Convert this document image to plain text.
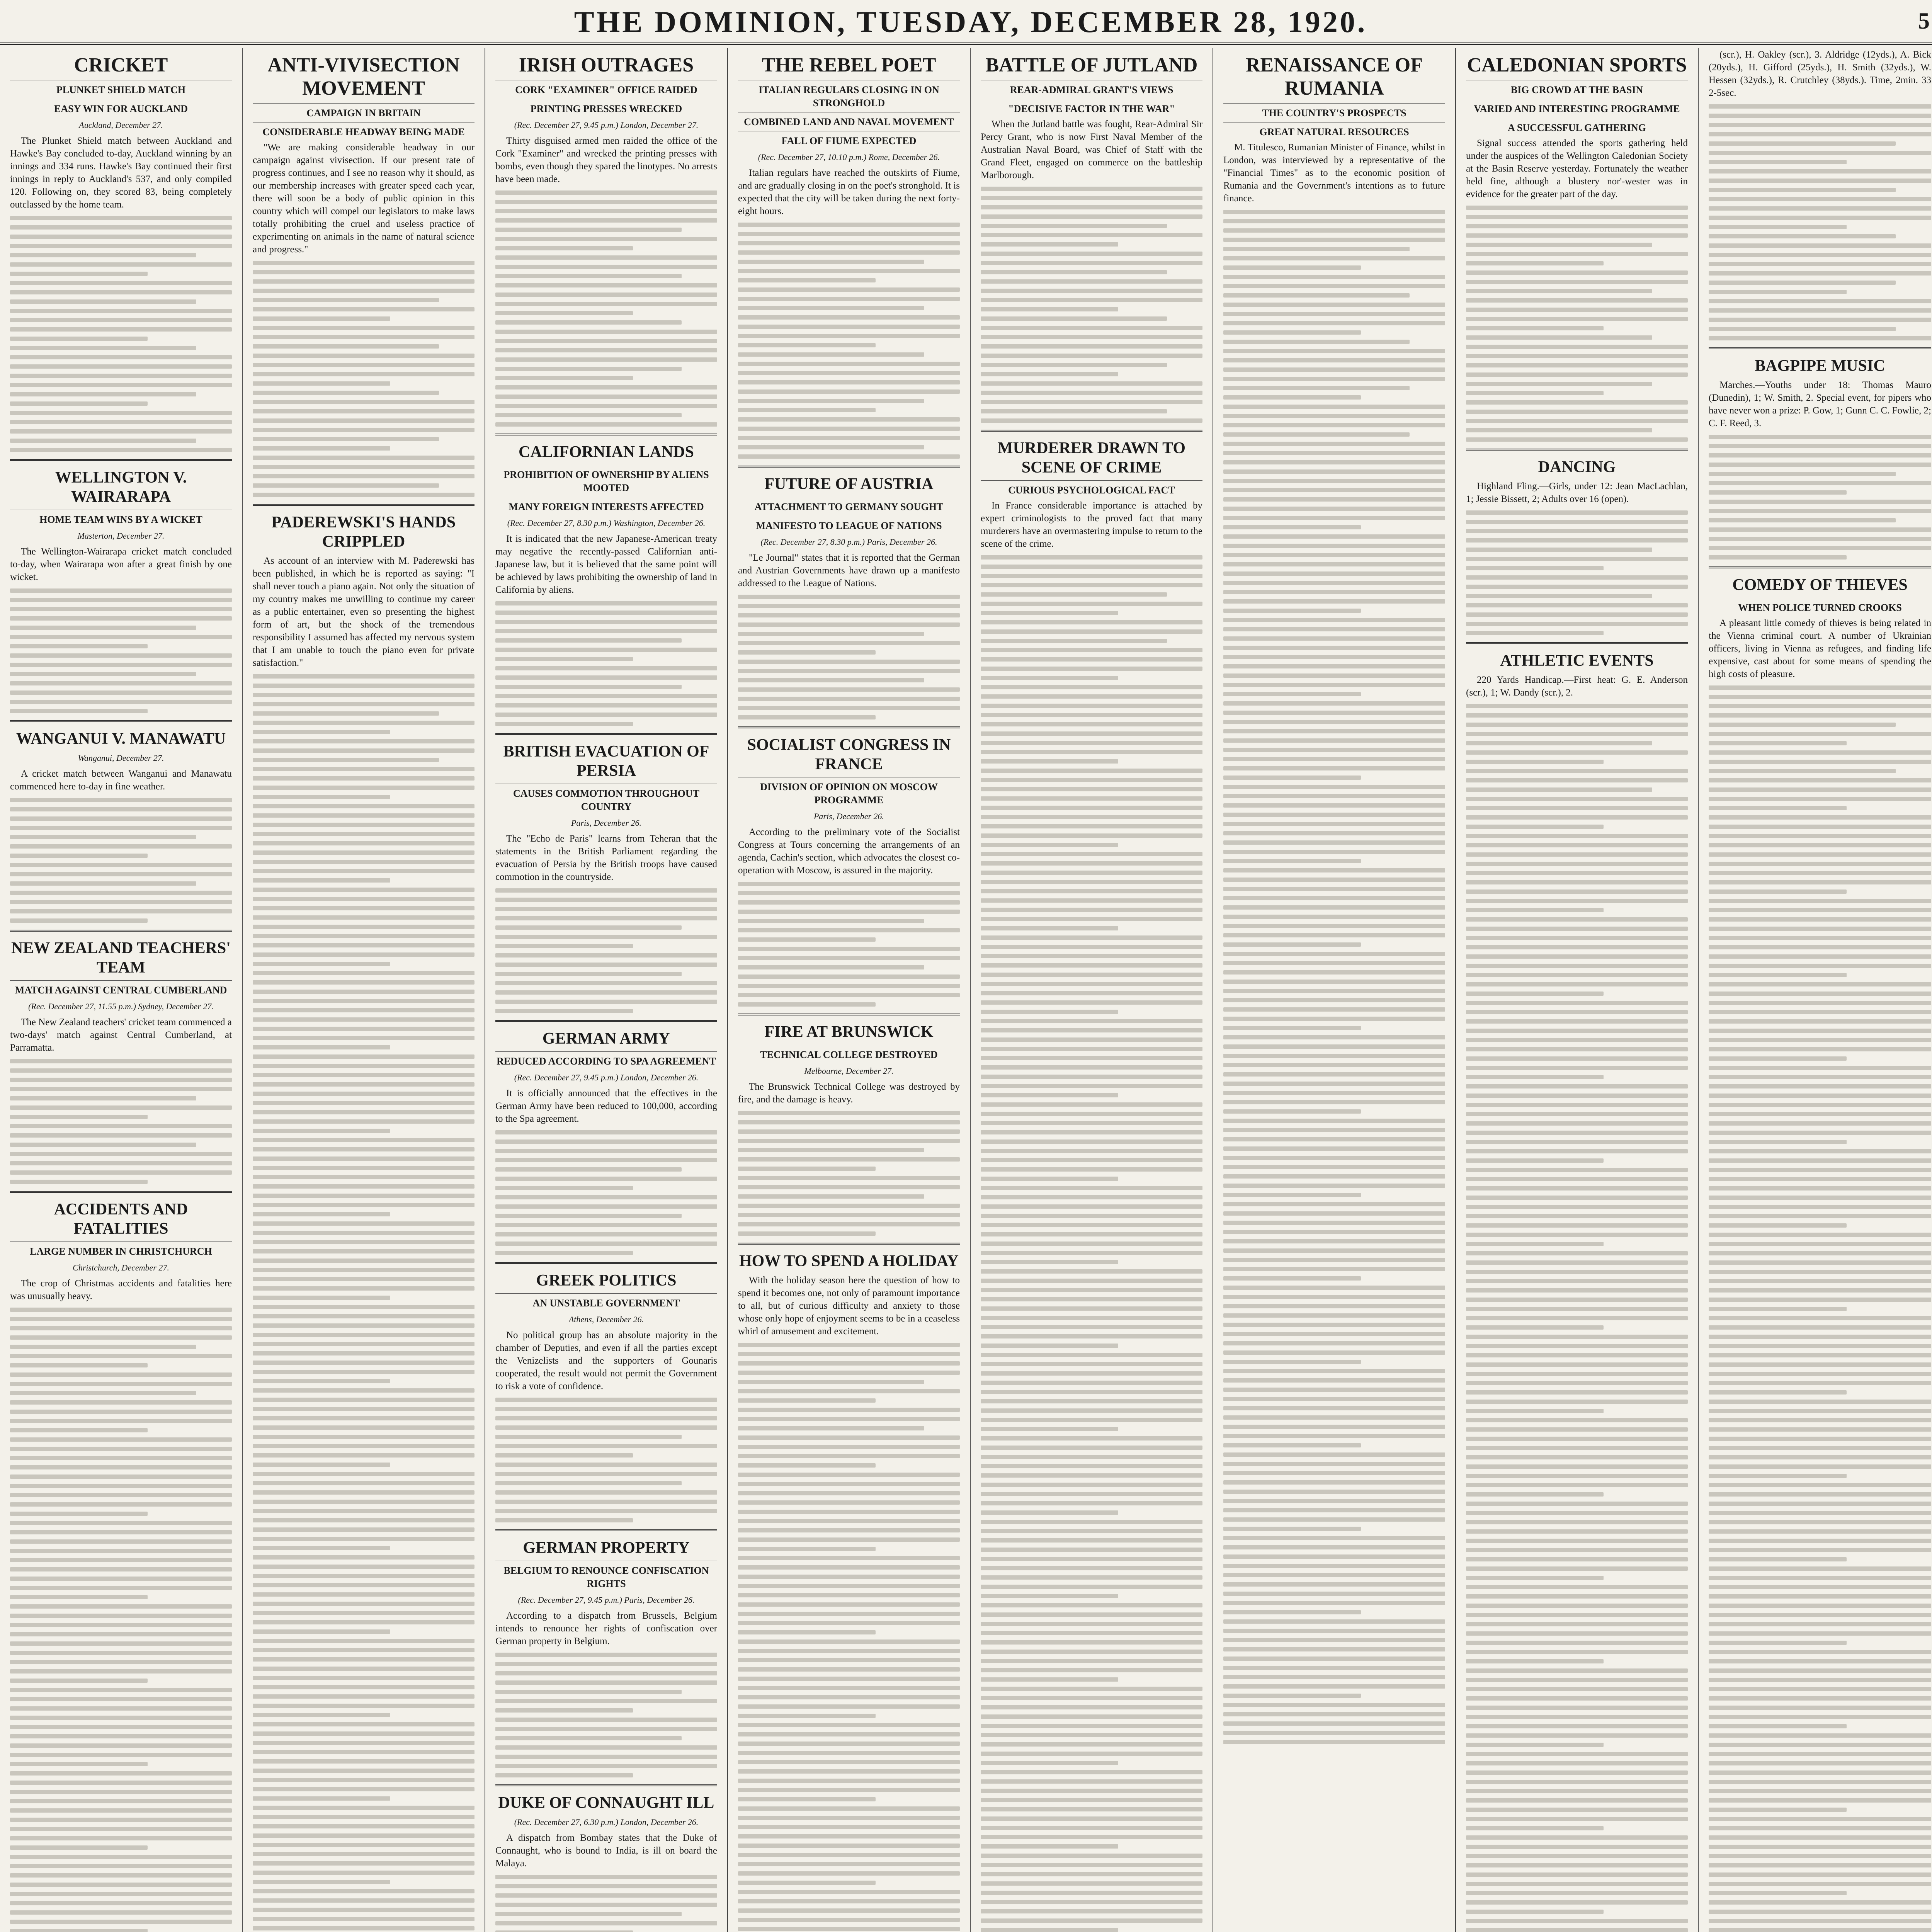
THE DOMINION, TUESDAY, DECEMBER 28, 1920.	5
CRICKET
PLUNKET SHIELD MATCH
EASY WIN FOR AUCKLAND
Auckland, December 27.

The Plunket Shield match between Auckland and Hawke's Bay concluded to-day, Auckland winning by an innings and 334 runs. Hawke's Bay continued their first innings in reply to Auckland's 537, and only compiled 120. Following on, they scored 83, being completely outclassed by the home team.

WELLINGTON V. WAIRARAPA
HOME TEAM WINS BY A WICKET
Masterton, December 27.

The Wellington-Wairarapa cricket match concluded to-day, when Wairarapa won after a great finish by one wicket.

WANGANUI V. MANAWATU
Wanganui, December 27.

A cricket match between Wanganui and Manawatu commenced here to-day in fine weather.

NEW ZEALAND TEACHERS' TEAM
MATCH AGAINST CENTRAL CUMBERLAND
(Rec. December 27, 11.55 p.m.) Sydney, December 27.

The New Zealand teachers' cricket team commenced a two-days' match against Central Cumberland, at Parramatta.

ACCIDENTS AND FATALITIES
LARGE NUMBER IN CHRISTCHURCH
Christchurch, December 27.

The crop of Christmas accidents and fatalities here was unusually heavy.

ANTI-VIVISECTION MOVEMENT
CAMPAIGN IN BRITAIN
CONSIDERABLE HEADWAY BEING MADE

"We are making considerable headway in our campaign against vivisection. If our present rate of progress continues, and I see no reason why it should, as our membership increases with greater speed each year, there will soon be a body of public opinion in this country which will compel our legislators to make laws totally prohibiting the cruel and useless practice of experimenting on animals in the name of natural science and progress."

PADEREWSKI'S HANDS CRIPPLED

As account of an interview with M. Paderewski has been published, in which he is reported as saying: "I shall never touch a piano again. Not only the situation of my country makes me unwilling to continue my career as a public entertainer, even so presenting the highest form of art, but the shock of the tremendous responsibility I assumed has affected my nervous system that I am unable to touch the piano even for private satisfaction."

IRISH OUTRAGES
CORK "EXAMINER" OFFICE RAIDED
PRINTING PRESSES WRECKED
(Rec. December 27, 9.45 p.m.) London, December 27.

Thirty disguised armed men raided the office of the Cork "Examiner" and wrecked the printing presses with bombs, even though they spared the linotypes. No arrests have been made.

CALIFORNIAN LANDS
PROHIBITION OF OWNERSHIP BY ALIENS MOOTED
MANY FOREIGN INTERESTS AFFECTED
(Rec. December 27, 8.30 p.m.) Washington, December 26.

It is indicated that the new Japanese-American treaty may negative the recently-passed Californian anti-Japanese law, but it is believed that the same point will be achieved by laws prohibiting the ownership of land in California by aliens.

BRITISH EVACUATION OF PERSIA
CAUSES COMMOTION THROUGHOUT COUNTRY
Paris, December 26.

The "Echo de Paris" learns from Teheran that the statements in the British Parliament regarding the evacuation of Persia by the British troops have caused commotion in the countryside.

GERMAN ARMY
REDUCED ACCORDING TO SPA AGREEMENT
(Rec. December 27, 9.45 p.m.) London, December 26.

It is officially announced that the effectives in the German Army have been reduced to 100,000, according to the Spa agreement.

GREEK POLITICS
AN UNSTABLE GOVERNMENT
Athens, December 26.

No political group has an absolute majority in the chamber of Deputies, and even if all the parties except the Venizelists and the supporters of Gounaris cooperated, the result would not permit the Government to risk a vote of confidence.

GERMAN PROPERTY
BELGIUM TO RENOUNCE CONFISCATION RIGHTS
(Rec. December 27, 9.45 p.m.) Paris, December 26.

According to a dispatch from Brussels, Belgium intends to renounce her rights of confiscation over German property in Belgium.

DUKE OF CONNAUGHT ILL
(Rec. December 27, 6.30 p.m.) London, December 26.

A dispatch from Bombay states that the Duke of Connaught, who is bound to India, is ill on board the Malaya.

THE REBEL POET
ITALIAN REGULARS CLOSING IN ON STRONGHOLD
COMBINED LAND AND NAVAL MOVEMENT
FALL OF FIUME EXPECTED
(Rec. December 27, 10.10 p.m.) Rome, December 26.

Italian regulars have reached the outskirts of Fiume, and are gradually closing in on the poet's stronghold. It is expected that the city will be taken during the next forty-eight hours.

FUTURE OF AUSTRIA
ATTACHMENT TO GERMANY SOUGHT
MANIFESTO TO LEAGUE OF NATIONS
(Rec. December 27, 8.30 p.m.) Paris, December 26.

"Le Journal" states that it is reported that the German and Austrian Governments have drawn up a manifesto addressed to the League of Nations.

SOCIALIST CONGRESS IN FRANCE
DIVISION OF OPINION ON MOSCOW PROGRAMME
Paris, December 26.

According to the preliminary vote of the Socialist Congress at Tours concerning the arrangements of an agenda, Cachin's section, which advocates the closest co-operation with Moscow, is assured in the majority.

FIRE AT BRUNSWICK
TECHNICAL COLLEGE DESTROYED
Melbourne, December 27.

The Brunswick Technical College was destroyed by fire, and the damage is heavy.

HOW TO SPEND A HOLIDAY

With the holiday season here the question of how to spend it becomes one, not only of paramount importance to all, but of curious difficulty and anxiety to those whose only hope of enjoyment seems to be in a ceaseless whirl of amusement and excitement.

BATTLE OF JUTLAND
REAR-ADMIRAL GRANT'S VIEWS
"DECISIVE FACTOR IN THE WAR"

When the Jutland battle was fought, Rear-Admiral Sir Percy Grant, who is now First Naval Member of the Australian Naval Board, was Chief of Staff with the Grand Fleet, engaged on commerce on the battleship Marlborough.

MURDERER DRAWN TO SCENE OF CRIME
CURIOUS PSYCHOLOGICAL FACT

In France considerable importance is attached by expert criminologists to the proved fact that many murderers have an overmastering impulse to return to the scene of the crime.

RENAISSANCE OF RUMANIA
THE COUNTRY'S PROSPECTS
GREAT NATURAL RESOURCES

M. Titulesco, Rumanian Minister of Finance, whilst in London, was interviewed by a representative of the "Financial Times" as to the economic position of Rumania and the Government's intentions as to future finance.

CALEDONIAN SPORTS
BIG CROWD AT THE BASIN
VARIED AND INTERESTING PROGRAMME
A SUCCESSFUL GATHERING

Signal success attended the sports gathering held under the auspices of the Wellington Caledonian Society at the Basin Reserve yesterday. Fortunately the weather held fine, although a blustery nor'-wester was in evidence for the greater part of the day.

DANCING

Highland Fling.—Girls, under 12: Jean MacLachlan, 1; Jessie Bissett, 2; Adults over 16 (open).

ATHLETIC EVENTS

220 Yards Handicap.—First heat: G. E. Anderson (scr.), 1; W. Dandy (scr.), 2.

(scr.), H. Oakley (scr.), 3. Aldridge (12yds.), A. Bick (20yds.), H. Gifford (25yds.), H. Smith (32yds.), W. Hessen (32yds.), R. Crutchley (38yds.). Time, 2min. 33 2-5sec.

BAGPIPE MUSIC

Marches.—Youths under 18: Thomas Mauro (Dunedin), 1; W. Smith, 2. Special event, for pipers who have never won a prize: P. Gow, 1; Gunn C. C. Fowlie, 2; C. F. Reed, 3.

COMEDY OF THIEVES
WHEN POLICE TURNED CROOKS

A pleasant little comedy of thieves is being related in the Vienna criminal court. A number of Ukrainian officers, living in Vienna as refugees, and finding life expensive, cast about for some means of spending the high costs of pleasure.
